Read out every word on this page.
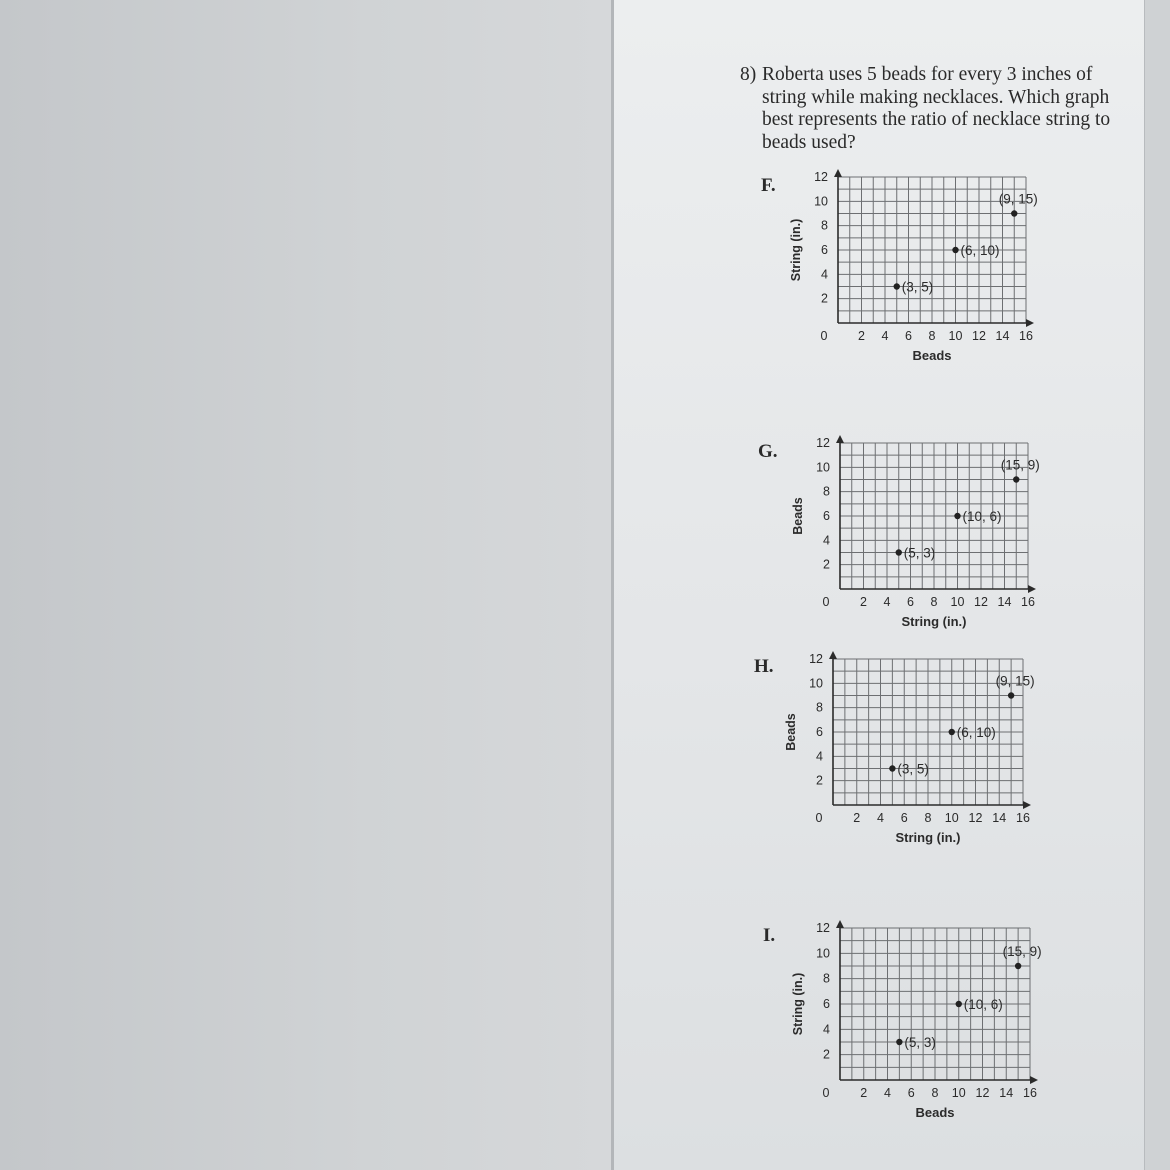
8) Roberta uses 5 beads for every 3 inches of string while making necklaces. Which graph best represents the ratio of necklace string to beads used?
F.
2 4 6 8 10 12 14 16
0
2
4
6
8
10
12
Beads
String (in.)
(3, 5)
(6, 10)
(9, 15)
G.
2 4 6 8 10 12 14 16
0
2
4
6
8
10
12
String (in.)
Beads
(5, 3)
(10, 6)
(15, 9)
H.
2 4 6 8 10 12 14 16
0
2
4
6
8
10
12
String (in.)
Beads
(3, 5)
(6, 10)
(9, 15)
I.
2 4 6 8 10 12 14 16
0
2
4
6
8
10
12
Beads
String (in.)
(5, 3)
(10, 6)
(15, 9)
